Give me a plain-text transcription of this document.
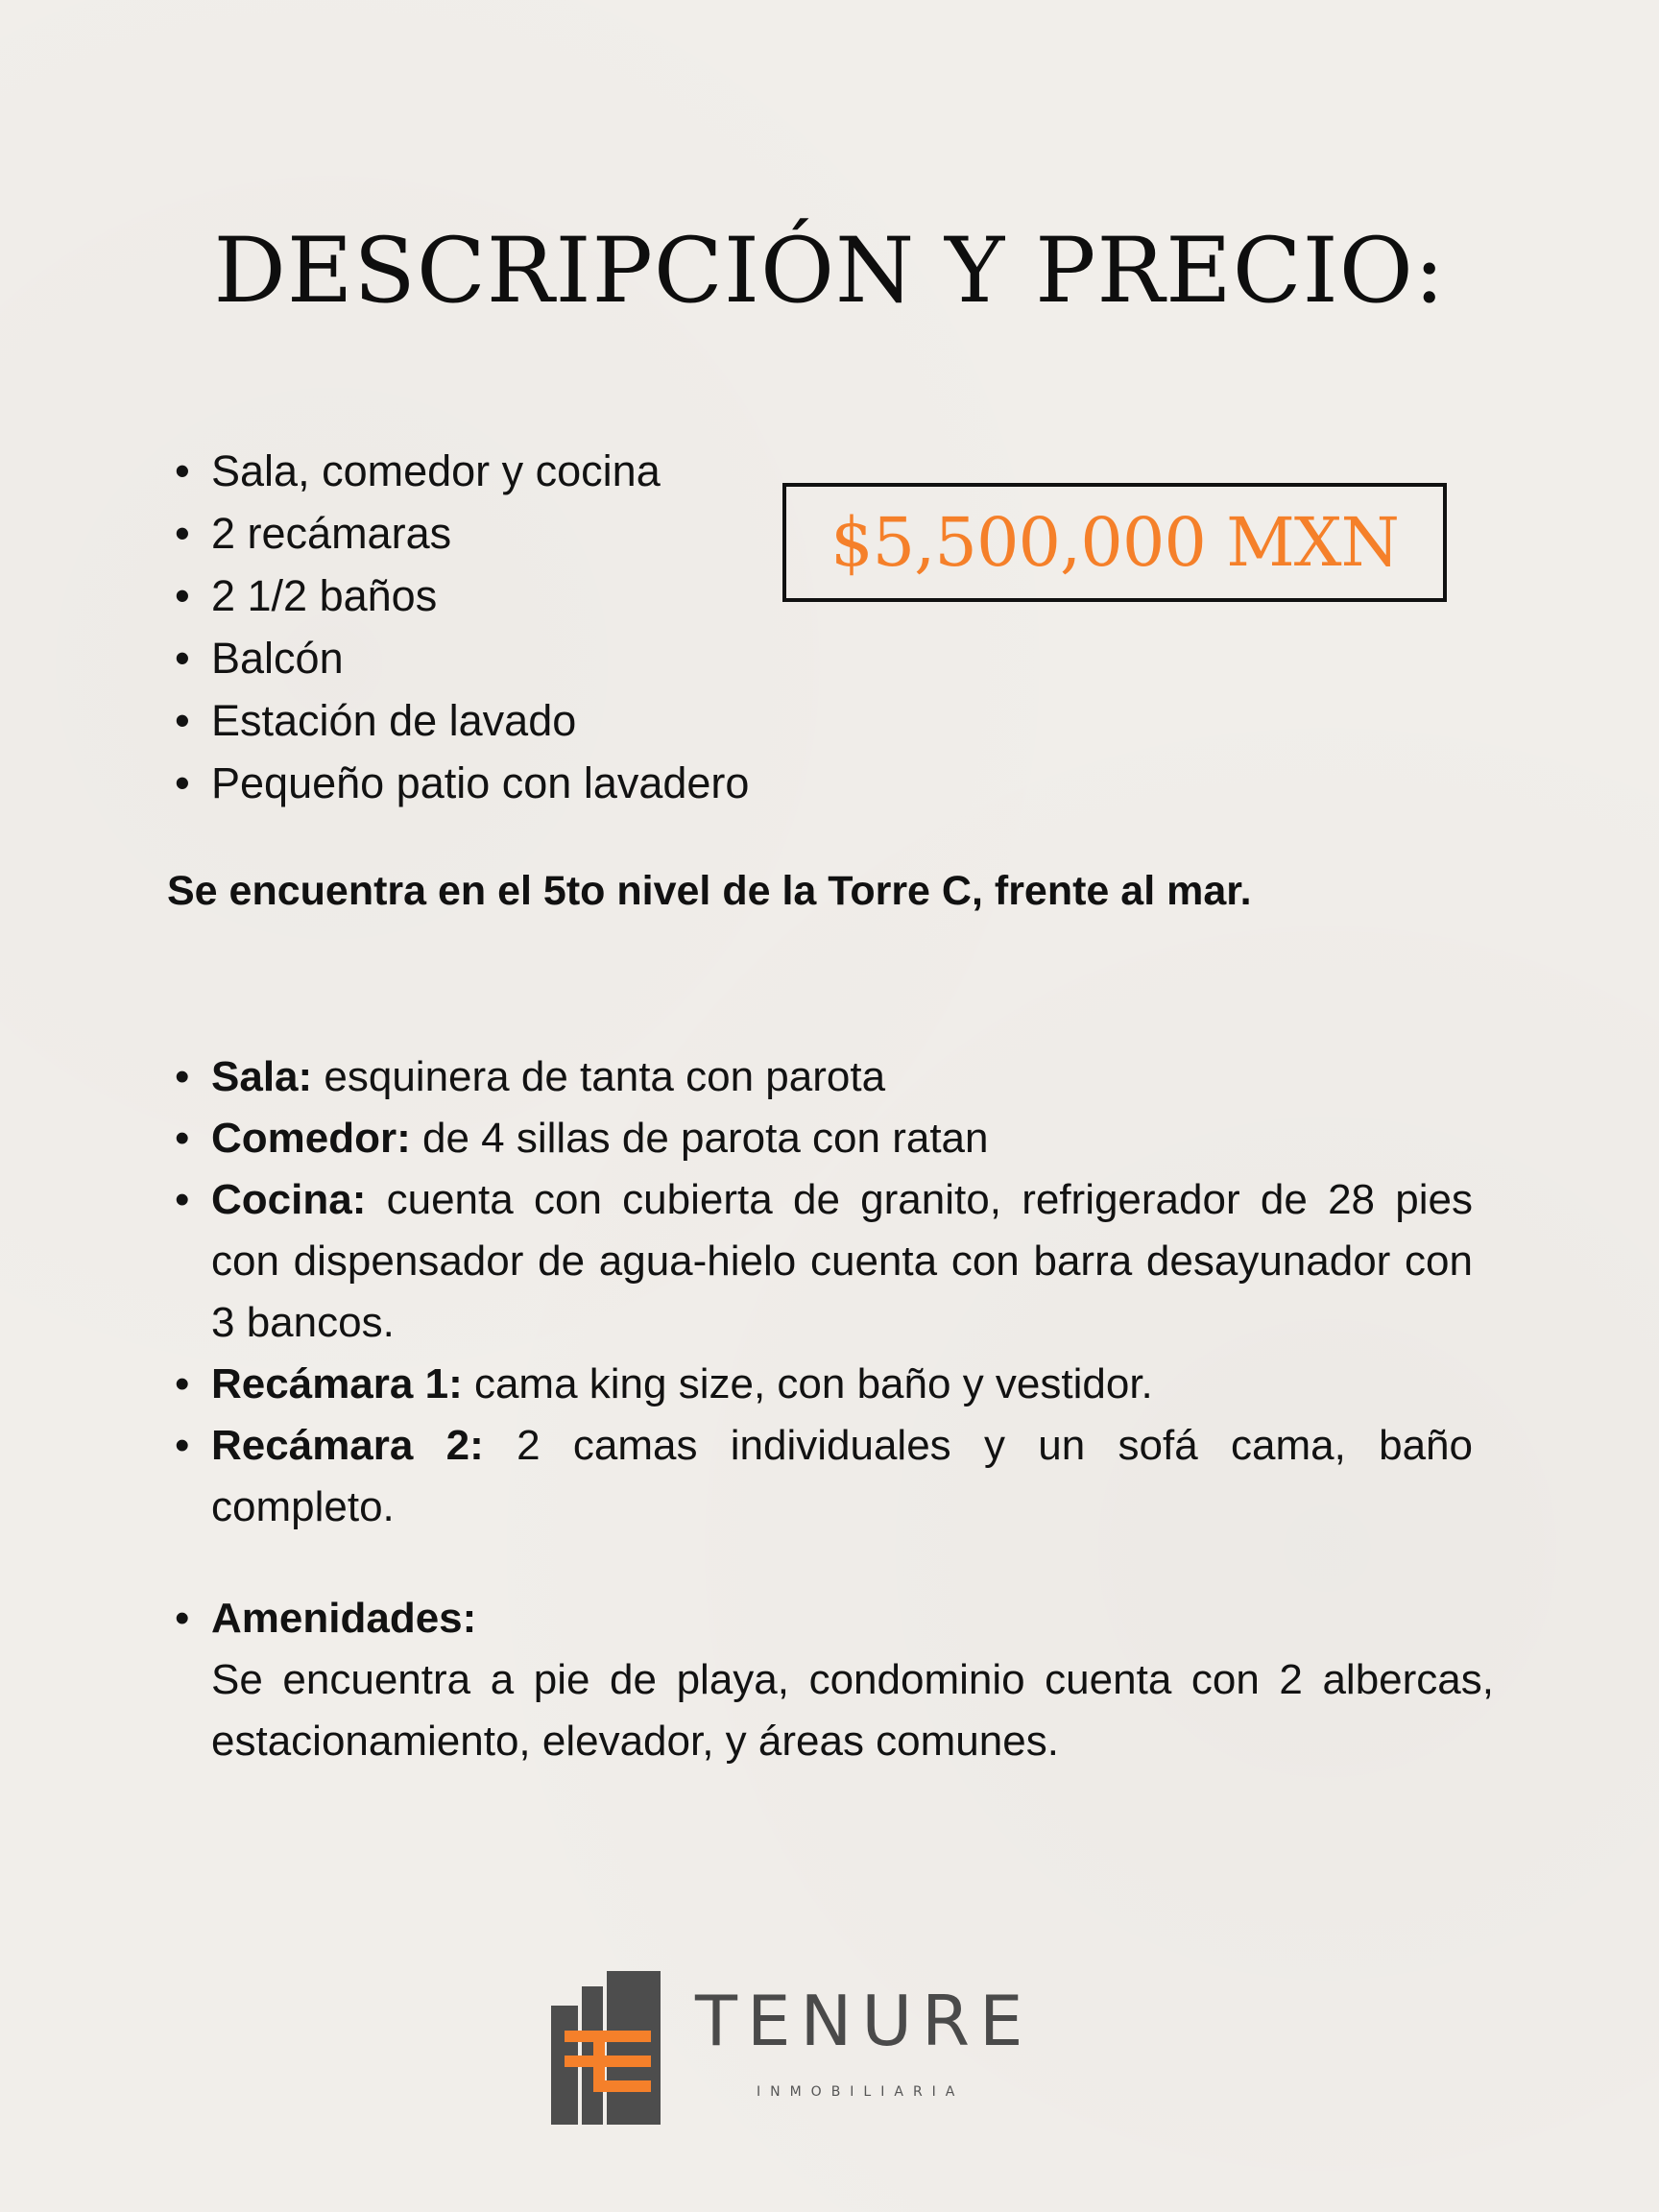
DESCRIPCIÓN Y PRECIO:
• Sala, comedor y cocina
• 2 recámaras
• 2 1/2 baños
• Balcón
• Estación de lavado
• Pequeño patio con lavadero
$5,500,000 MXN

Se encuentra en el 5to nivel de la Torre C, frente al mar.

• Sala: esquinera de tanta con parota
• Comedor: de 4 sillas de parota con ratan
• Cocina: cuenta con cubierta de granito, refrigerador de 28 pies con dispensador de agua-hielo cuenta con barra desayunador con 3 bancos.
• Recámara 1: cama king size, con baño y vestidor.
• Recámara 2: 2 camas individuales y un sofá cama, baño completo.
• Amenidades:
Se encuentra a pie de playa, condominio cuenta con 2 albercas, estacionamiento, elevador, y áreas comunes.
TENURE
INMOBILIARIA
